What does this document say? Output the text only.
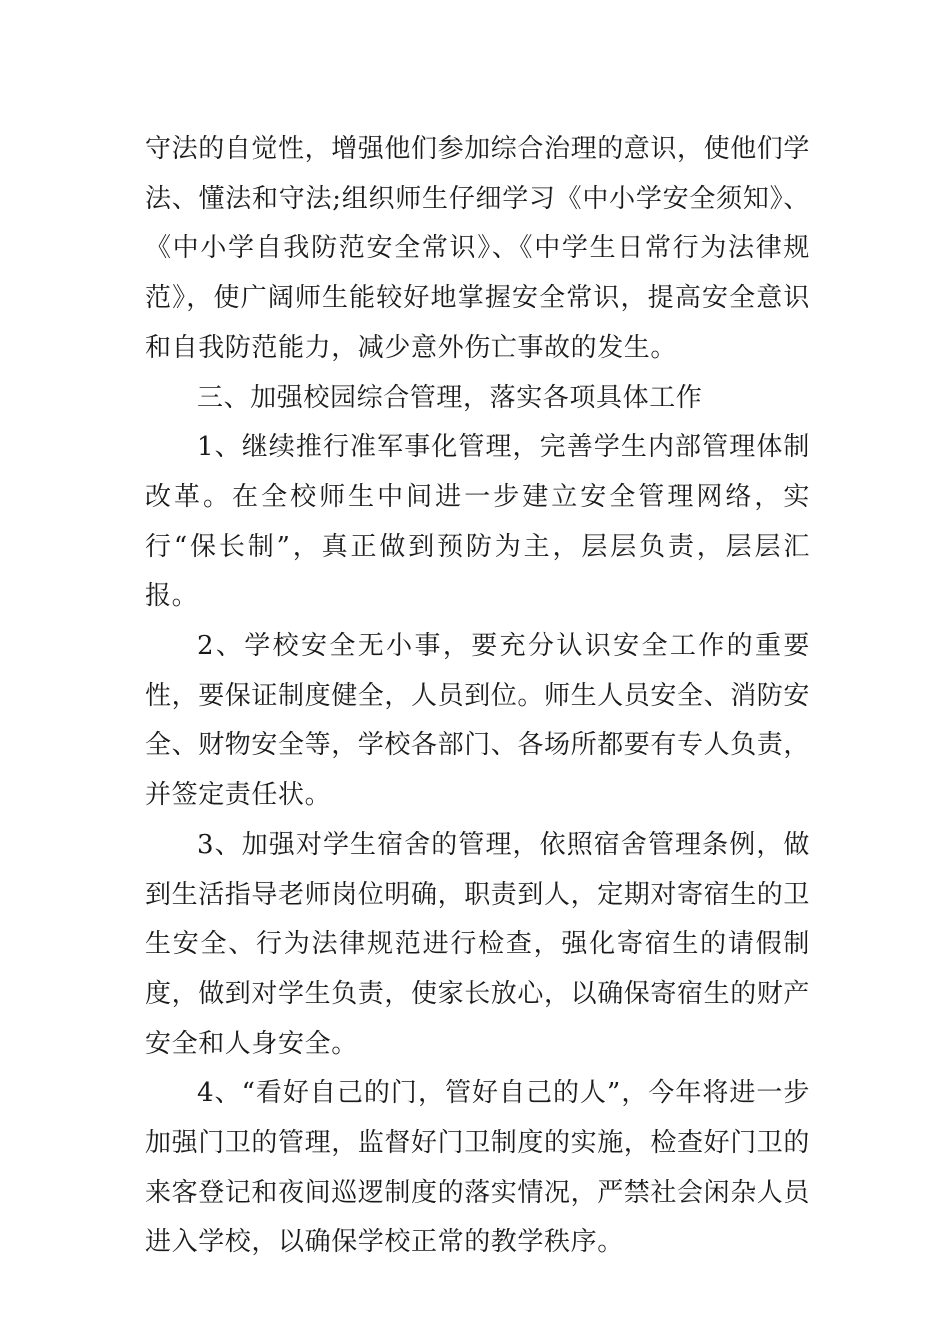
守法的自觉性，增强他们参加综合治理的意识，使他们学法、懂法和守法;组织师生仔细学习《中小学安全须知》、《中小学自我防范安全常识》、《中学生日常行为法律规范》，使广阔师生能较好地掌握安全常识，提高安全意识和自我防范能力，减少意外伤亡事故的发生。

三、加强校园综合管理，落实各项具体工作

1、继续推行准军事化管理，完善学生内部管理体制改革。在全校师生中间进一步建立安全管理网络，实行“保长制”，真正做到预防为主，层层负责，层层汇报。

2、学校安全无小事，要充分认识安全工作的重要性，要保证制度健全，人员到位。师生人员安全、消防安全、财物安全等，学校各部门、各场所都要有专人负责，并签定责任状。

3、加强对学生宿舍的管理，依照宿舍管理条例，做到生活指导老师岗位明确，职责到人，定期对寄宿生的卫生安全、行为法律规范进行检查，强化寄宿生的请假制度，做到对学生负责，使家长放心，以确保寄宿生的财产安全和人身安全。

4、“看好自己的门，管好自己的人”，今年将进一步加强门卫的管理，监督好门卫制度的实施，检查好门卫的来客登记和夜间巡逻制度的落实情况，严禁社会闲杂人员进入学校，以确保学校正常的教学秩序。
